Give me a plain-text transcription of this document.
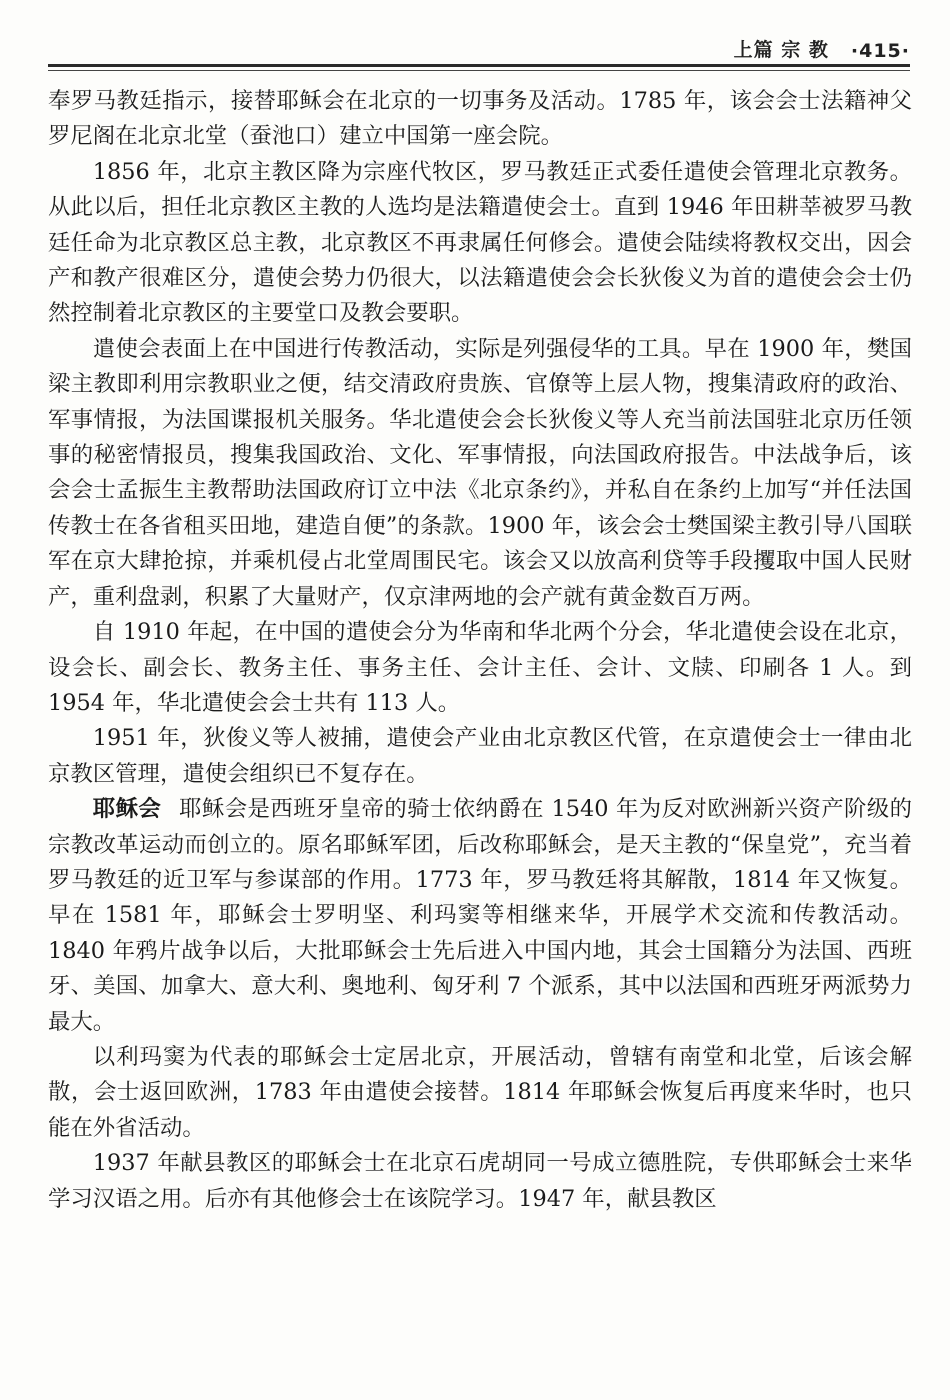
上篇 宗 教 ·415·

奉罗马教廷指示，接替耶稣会在北京的一切事务及活动。1785 年，该会会士法籍神父罗尼阁在北京北堂（蚕池口）建立中国第一座会院。

1856 年，北京主教区降为宗座代牧区，罗马教廷正式委任遣使会管理北京教务。从此以后，担任北京教区主教的人选均是法籍遣使会士。直到 1946 年田耕莘被罗马教廷任命为北京教区总主教，北京教区不再隶属任何修会。遣使会陆续将教权交出，因会产和教产很难区分，遣使会势力仍很大，以法籍遣使会会长狄俊义为首的遣使会会士仍然控制着北京教区的主要堂口及教会要职。

遣使会表面上在中国进行传教活动，实际是列强侵华的工具。早在 1900 年，樊国梁主教即利用宗教职业之便，结交清政府贵族、官僚等上层人物，搜集清政府的政治、军事情报，为法国谍报机关服务。华北遣使会会长狄俊义等人充当前法国驻北京历任领事的秘密情报员，搜集我国政治、文化、军事情报，向法国政府报告。中法战争后，该会会士孟振生主教帮助法国政府订立中法《北京条约》，并私自在条约上加写“并任法国传教士在各省租买田地，建造自便”的条款。1900 年，该会会士樊国梁主教引导八国联军在京大肆抢掠，并乘机侵占北堂周围民宅。该会又以放高利贷等手段攫取中国人民财产，重利盘剥，积累了大量财产，仅京津两地的会产就有黄金数百万两。

自 1910 年起，在中国的遣使会分为华南和华北两个分会，华北遣使会设在北京，设会长、副会长、教务主任、事务主任、会计主任、会计、文牍、印刷各 1 人。到 1954 年，华北遣使会会士共有 113 人。

1951 年，狄俊义等人被捕，遣使会产业由北京教区代管，在京遣使会士一律由北京教区管理，遣使会组织已不复存在。

耶稣会 耶稣会是西班牙皇帝的骑士依纳爵在 1540 年为反对欧洲新兴资产阶级的宗教改革运动而创立的。原名耶稣军团，后改称耶稣会，是天主教的“保皇党”，充当着罗马教廷的近卫军与参谋部的作用。1773 年，罗马教廷将其解散，1814 年又恢复。早在 1581 年，耶稣会士罗明坚、利玛窦等相继来华，开展学术交流和传教活动。1840 年鸦片战争以后，大批耶稣会士先后进入中国内地，其会士国籍分为法国、西班牙、美国、加拿大、意大利、奥地利、匈牙利 7 个派系，其中以法国和西班牙两派势力最大。

以利玛窦为代表的耶稣会士定居北京，开展活动，曾辖有南堂和北堂，后该会解散，会士返回欧洲，1783 年由遣使会接替。1814 年耶稣会恢复后再度来华时，也只能在外省活动。

1937 年献县教区的耶稣会士在北京石虎胡同一号成立德胜院，专供耶稣会士来华学习汉语之用。后亦有其他修会士在该院学习。1947 年，献县教区
